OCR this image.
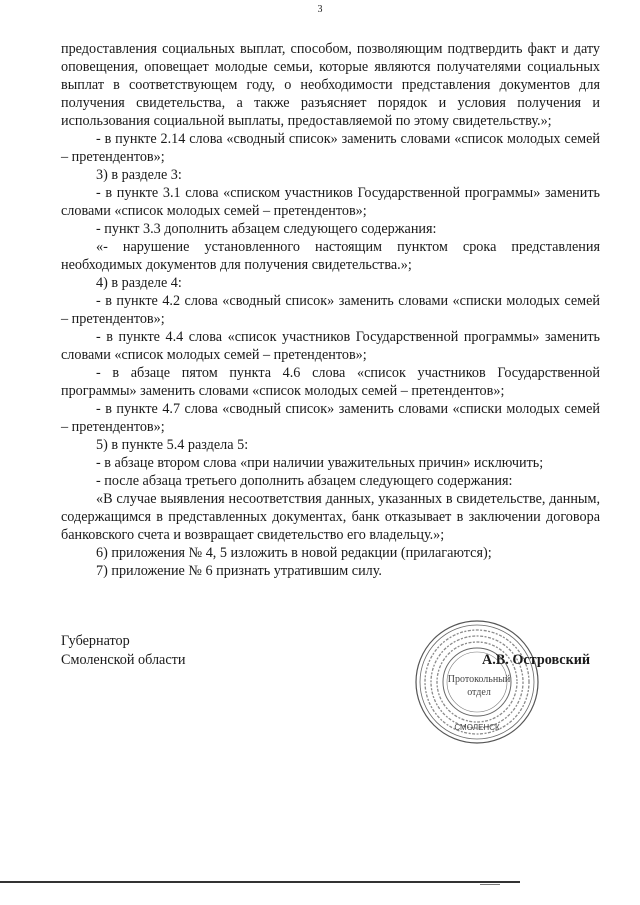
3

предоставления социальных выплат, способом, позволяющим подтвердить факт и дату оповещения, оповещает молодые семьи, которые являются получателями социальных выплат в соответствующем году, о необходимости представления документов для получения свидетельства, а также разъясняет порядок и условия получения и использования социальной выплаты, предоставляемой по этому свидетельству.»;

- в пункте 2.14 слова «сводный список» заменить словами «список молодых семей – претендентов»;

3) в разделе 3:

- в пункте 3.1 слова «списком участников Государственной программы» заменить словами «список молодых семей – претендентов»;

- пункт 3.3 дополнить абзацем следующего содержания:

«- нарушение установленного настоящим пунктом срока представления необходимых документов для получения свидетельства.»;

4) в разделе 4:

- в пункте 4.2 слова «сводный список» заменить словами «списки молодых семей – претендентов»;

- в пункте 4.4 слова «список участников Государственной программы» заменить словами «список молодых семей – претендентов»;

- в абзаце пятом пункта 4.6 слова «список участников Государственной программы» заменить словами «список молодых семей – претендентов»;

- в пункте 4.7 слова «сводный список» заменить словами «списки молодых семей – претендентов»;

5) в пункте 5.4 раздела 5:

- в абзаце втором слова «при наличии уважительных причин» исключить;

- после абзаца третьего дополнить абзацем следующего содержания:

«В случае выявления несоответствия данных, указанных в свидетельстве, данным, содержащимся в представленных документах, банк отказывает в заключении договора банковского счета и возвращает свидетельство его владельцу.»;

6) приложения № 4, 5 изложить в новой редакции (прилагаются);

7) приложение № 6 признать утратившим силу.

Губернатор
Смоленской области
СМОЛЕНСК
Протокольный
отдел
А.В. Островский
